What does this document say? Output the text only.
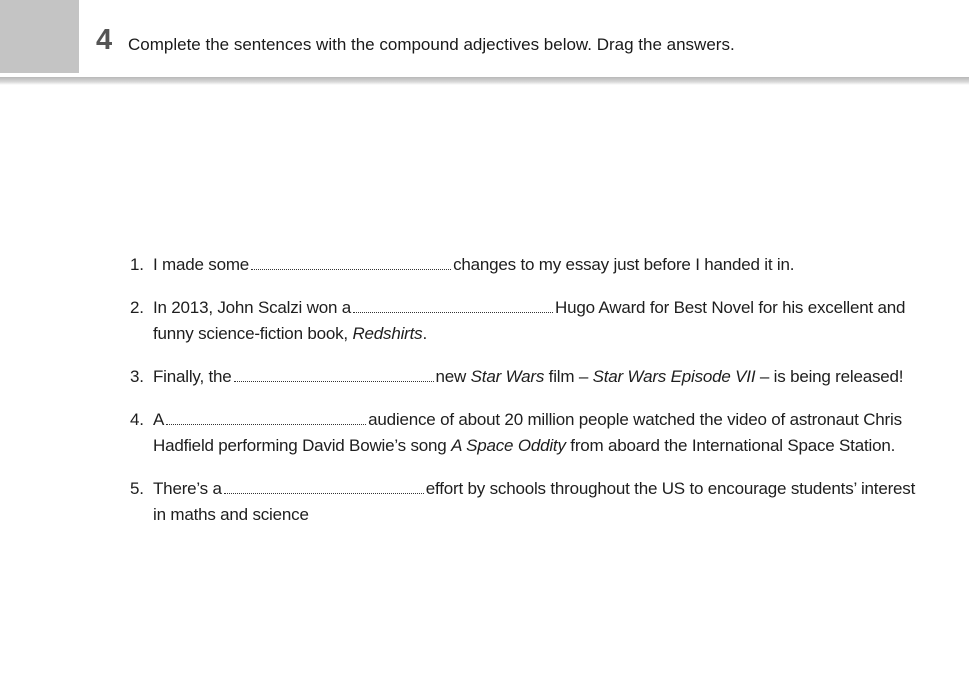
4 Complete the sentences with the compound adjectives below. Drag the answers.
1. I made some	changes to my essay just before I handed it in.
2. In 2013, John Scalzi won a	Hugo Award for Best Novel for his excellent and funny science-fiction book, Redshirts.
3. Finally, the	new Star Wars film – Star Wars Episode VII – is being released!
4. A	audience of about 20 million people watched the video of astronaut Chris Hadfield performing David Bowie’s song A Space Oddity from aboard the International Space Station.
5. There’s a	effort by schools throughout the US to encourage students’ interest in maths and science
